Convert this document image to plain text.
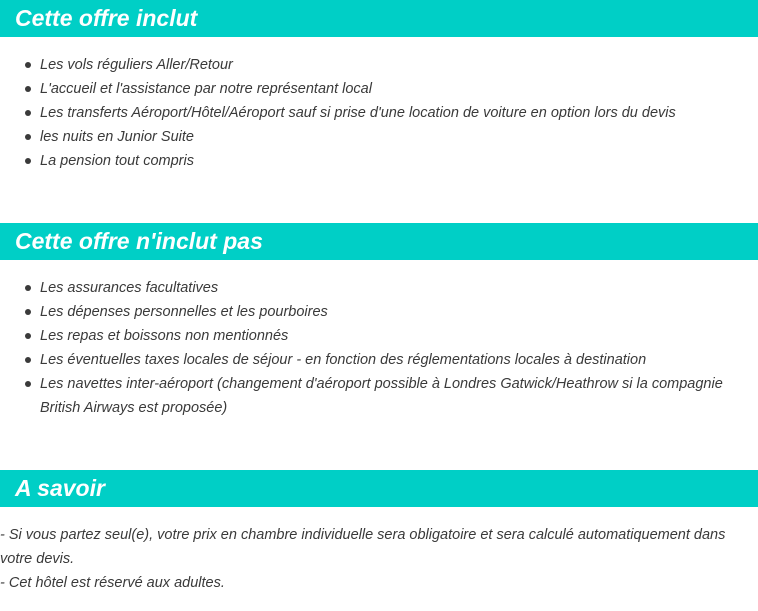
Cette offre inclut
Les vols réguliers Aller/Retour
L'accueil et l'assistance par notre représentant local
Les transferts Aéroport/Hôtel/Aéroport sauf si prise d'une location de voiture en option lors du devis
les nuits en Junior Suite
La pension tout compris
Cette offre n'inclut pas
Les assurances facultatives
Les dépenses personnelles et les pourboires
Les repas et boissons non mentionnés
Les éventuelles taxes locales de séjour - en fonction des réglementations locales à destination
Les navettes inter-aéroport (changement d'aéroport possible à Londres Gatwick/Heathrow si la compagnie British Airways est proposée)
A savoir

- Si vous partez seul(e), votre prix en chambre individuelle sera obligatoire et sera calculé automatiquement dans votre devis.

- Cet hôtel est réservé aux adultes.
